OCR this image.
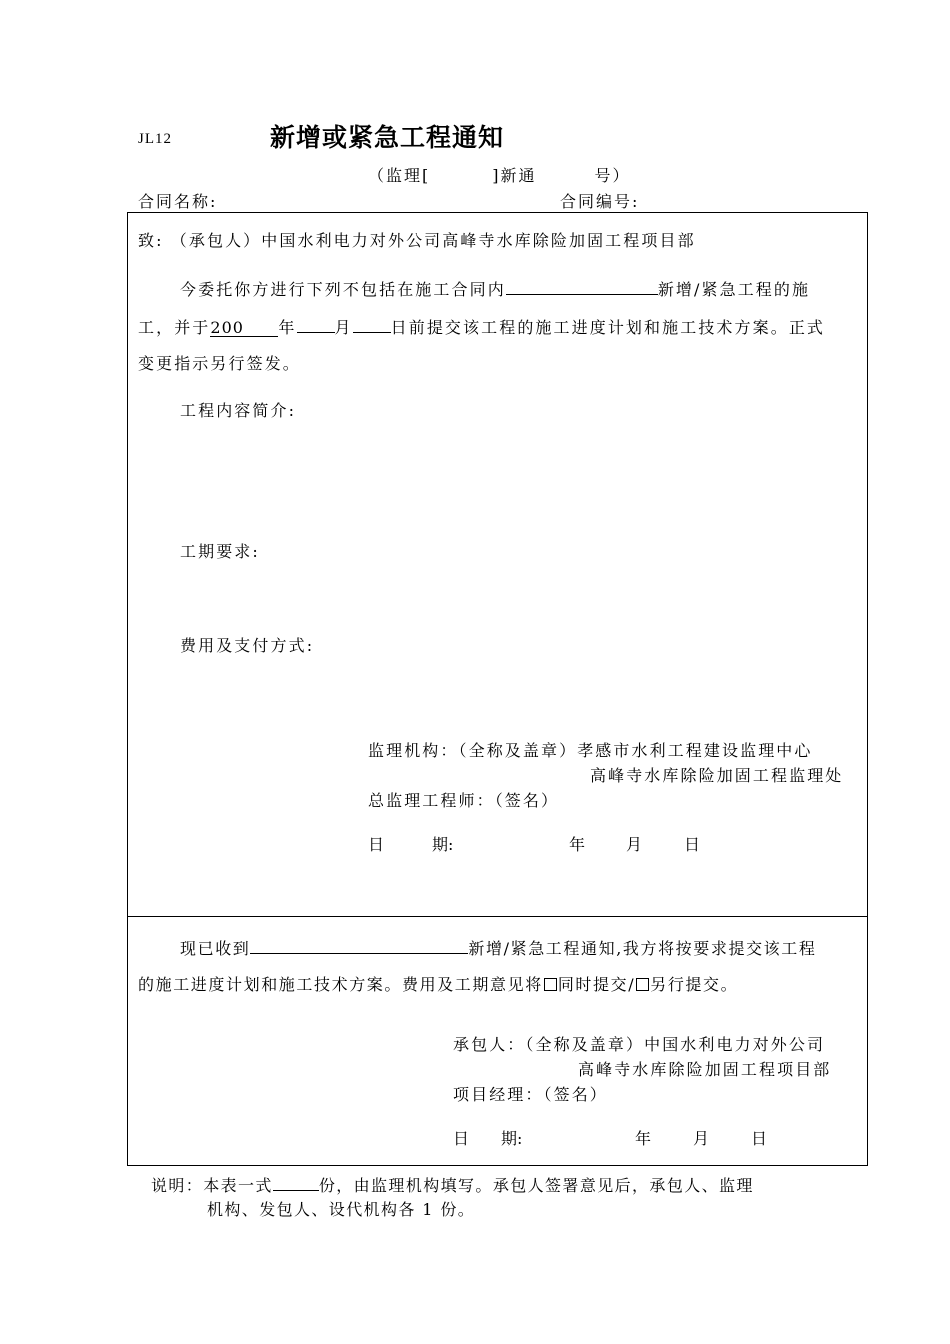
JL12	新增或紧急工程通知
（监理[	]新通	号）
合同名称:	合同编号:
致: （承包人）中国水利电力对外公司高峰寺水库除险加固工程项目部
今委托你方进行下列不包括在施工合同内	新增/紧急工程的施
工，并于200 年 月 日前提交该工程的施工进度计划和施工技术方案。正式
变更指示另行签发。
工程内容简介:
工期要求:
费用及支付方式:
监理机构：（全称及盖章）孝感市水利工程建设监理中心
高峰寺水库除险加固工程监理处
总监理工程师：（签名）
日　　　期:	年	月	日
现已收到	新增/紧急工程通知,我方将按要求提交该工程
的施工进度计划和施工技术方案。费用及工期意见将 同时提交/ 另行提交。
承包人：（全称及盖章）中国水利电力对外公司
高峰寺水库除险加固工程项目部
项目经理：（签名）
日　　期:	年	月	日
说明：本表一式	份，由监理机构填写。承包人签署意见后，承包人、监理
机构、发包人、设代机构各 1 份。
